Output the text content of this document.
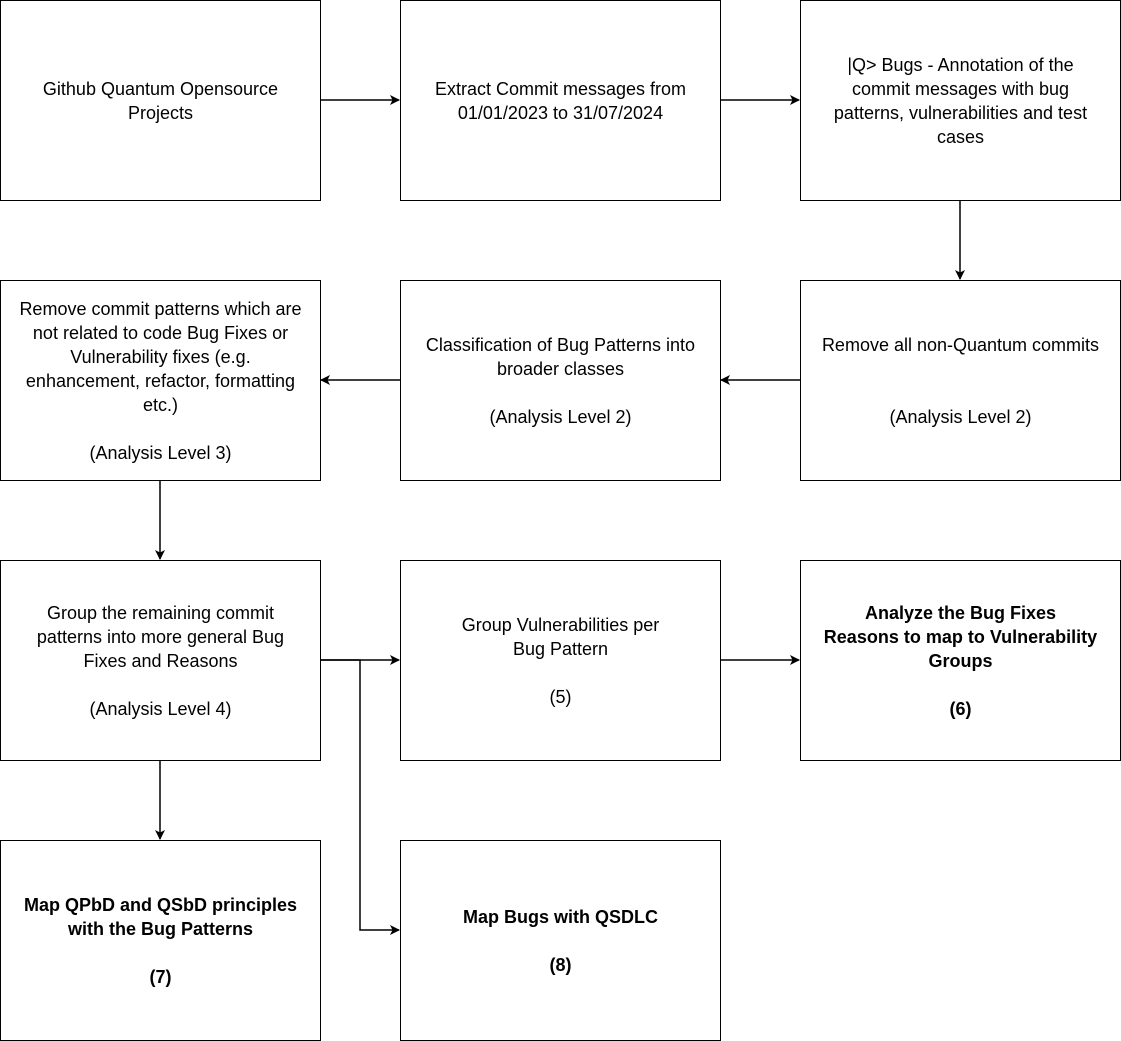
Github Quantum Opensource
Projects
Extract Commit messages from
01/01/2023 to 31/07/2024
|Q> Bugs - Annotation of the
commit messages with bug
patterns, vulnerabilities and test
cases
Remove all non-Quantum commits
(Analysis Level 2)
Classification of Bug Patterns into
broader classes
(Analysis Level 2)
Remove commit patterns which are
not related to code Bug Fixes or
Vulnerability fixes (e.g.
enhancement, refactor, formatting
etc.)
(Analysis Level 3)
Group the remaining commit
patterns into more general Bug
Fixes and Reasons
(Analysis Level 4)
Group Vulnerabilities per
Bug Pattern
(5)
Analyze the Bug Fixes
Reasons to map to Vulnerability
Groups
(6)
Map QPbD and QSbD principles
with the Bug Patterns
(7)
Map Bugs with QSDLC
(8)
